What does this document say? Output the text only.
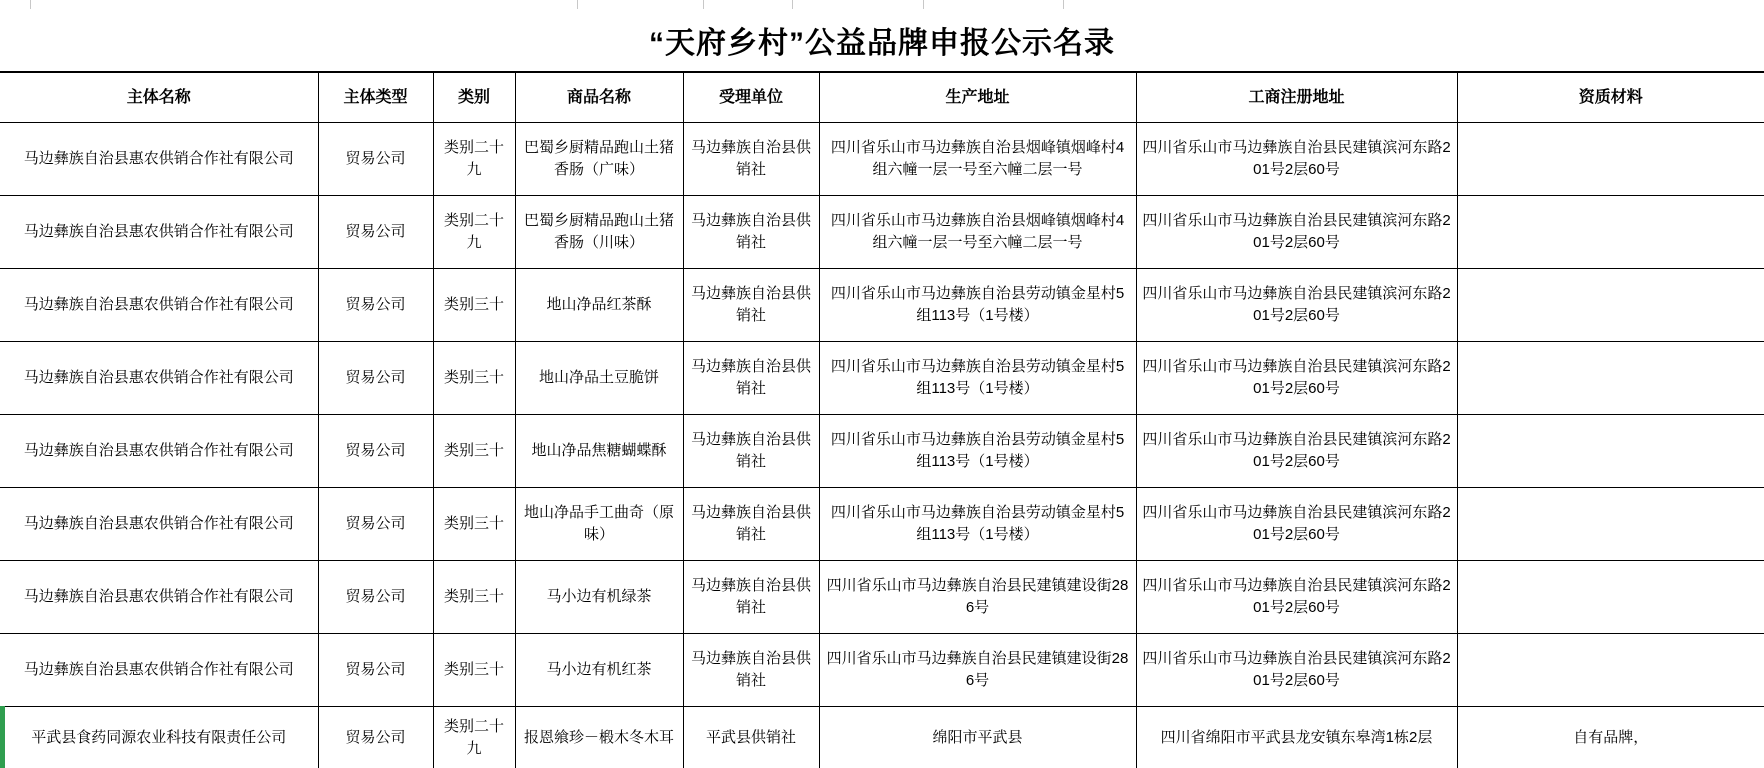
“天府乡村”公益品牌申报公示名录
主体名称	主体类型	类别	商品名称	受理单位	生产地址	工商注册地址	资质材料
马边彝族自治县惠农供销合作社有限公司	贸易公司	类别二十九	巴蜀乡厨精品跑山土猪香肠（广味）	马边彝族自治县供销社	四川省乐山市马边彝族自治县烟峰镇烟峰村4组六幢一层一号至六幢二层一号	四川省乐山市马边彝族自治县民建镇滨河东路201号2层60号	
马边彝族自治县惠农供销合作社有限公司	贸易公司	类别二十九	巴蜀乡厨精品跑山土猪香肠（川味）	马边彝族自治县供销社	四川省乐山市马边彝族自治县烟峰镇烟峰村4组六幢一层一号至六幢二层一号	四川省乐山市马边彝族自治县民建镇滨河东路201号2层60号	
马边彝族自治县惠农供销合作社有限公司	贸易公司	类别三十	地山净品红茶酥	马边彝族自治县供销社	四川省乐山市马边彝族自治县劳动镇金星村5组113号（1号楼）	四川省乐山市马边彝族自治县民建镇滨河东路201号2层60号	
马边彝族自治县惠农供销合作社有限公司	贸易公司	类别三十	地山净品土豆脆饼	马边彝族自治县供销社	四川省乐山市马边彝族自治县劳动镇金星村5组113号（1号楼）	四川省乐山市马边彝族自治县民建镇滨河东路201号2层60号	
马边彝族自治县惠农供销合作社有限公司	贸易公司	类别三十	地山净品焦糖蝴蝶酥	马边彝族自治县供销社	四川省乐山市马边彝族自治县劳动镇金星村5组113号（1号楼）	四川省乐山市马边彝族自治县民建镇滨河东路201号2层60号	
马边彝族自治县惠农供销合作社有限公司	贸易公司	类别三十	地山净品手工曲奇（原味）	马边彝族自治县供销社	四川省乐山市马边彝族自治县劳动镇金星村5组113号（1号楼）	四川省乐山市马边彝族自治县民建镇滨河东路201号2层60号	
马边彝族自治县惠农供销合作社有限公司	贸易公司	类别三十	马小边有机绿茶	马边彝族自治县供销社	四川省乐山市马边彝族自治县民建镇建设街286号	四川省乐山市马边彝族自治县民建镇滨河东路201号2层60号	
马边彝族自治县惠农供销合作社有限公司	贸易公司	类别三十	马小边有机红茶	马边彝族自治县供销社	四川省乐山市马边彝族自治县民建镇建设街286号	四川省乐山市马边彝族自治县民建镇滨河东路201号2层60号	
平武县食药同源农业科技有限责任公司	贸易公司	类别二十九	报恩飨珍－椴木冬木耳	平武县供销社	绵阳市平武县	四川省绵阳市平武县龙安镇东皋湾1栋2层	自有品牌，
